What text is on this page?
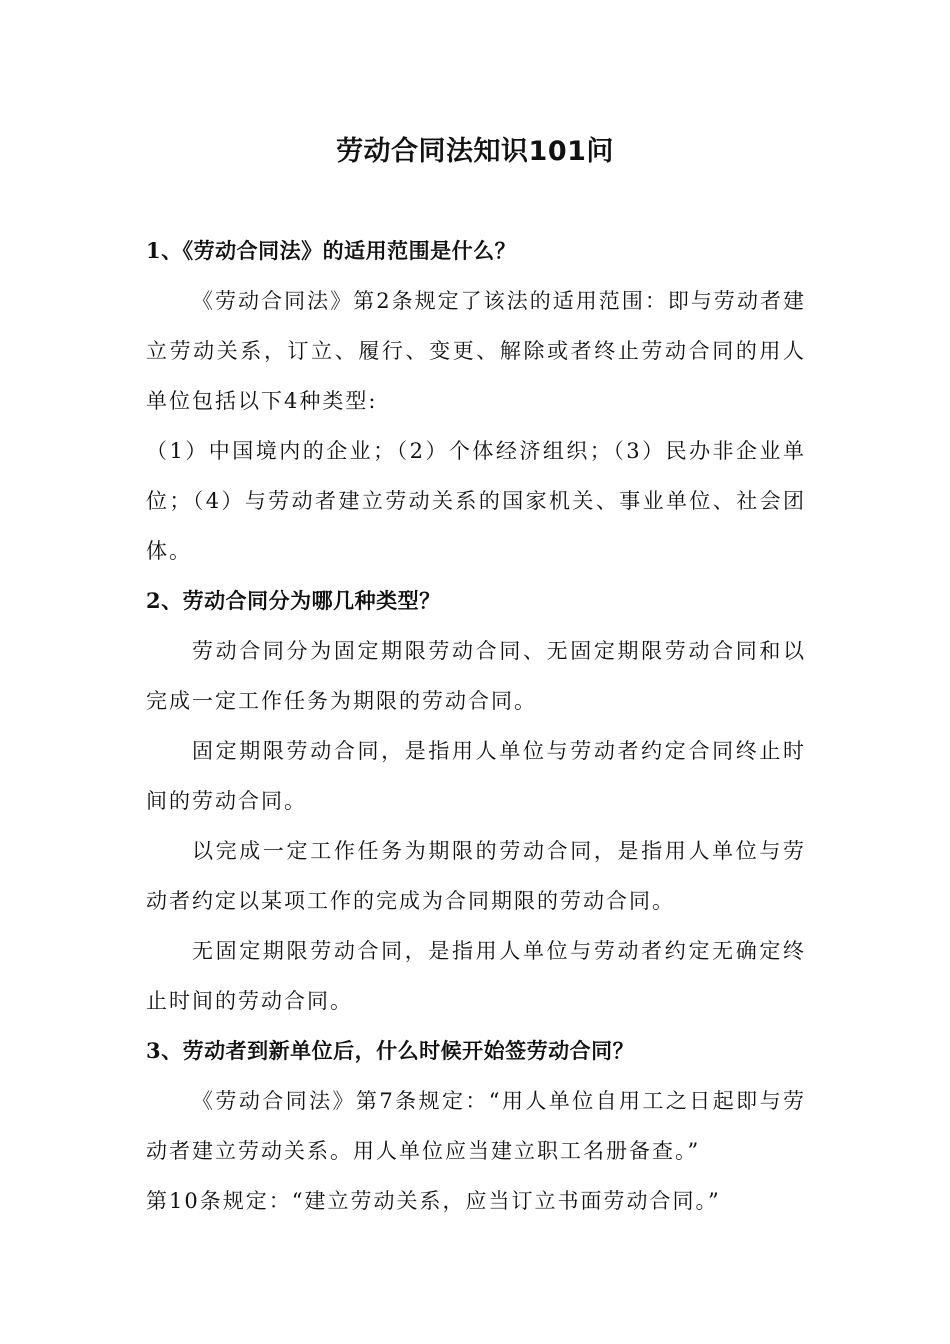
劳动合同法知识101问

1、《劳动合同法》的适用范围是什么？

《劳动合同法》第2条规定了该法的适用范围：即与劳动者建立劳动关系，订立、履行、变更、解除或者终止劳动合同的用人单位包括以下4种类型:

（1）中国境内的企业；（2）个体经济组织；（3）民办非企业单位；（4）与劳动者建立劳动关系的国家机关、事业单位、社会团体。

2、劳动合同分为哪几种类型？

劳动合同分为固定期限劳动合同、无固定期限劳动合同和以完成一定工作任务为期限的劳动合同。

固定期限劳动合同，是指用人单位与劳动者约定合同终止时间的劳动合同。

以完成一定工作任务为期限的劳动合同，是指用人单位与劳动者约定以某项工作的完成为合同期限的劳动合同。

无固定期限劳动合同，是指用人单位与劳动者约定无确定终止时间的劳动合同。

3、劳动者到新单位后，什么时候开始签劳动合同？

《劳动合同法》第7条规定：“用人单位自用工之日起即与劳动者建立劳动关系。用人单位应当建立职工名册备查。”

第10条规定：“建立劳动关系，应当订立书面劳动合同。”
